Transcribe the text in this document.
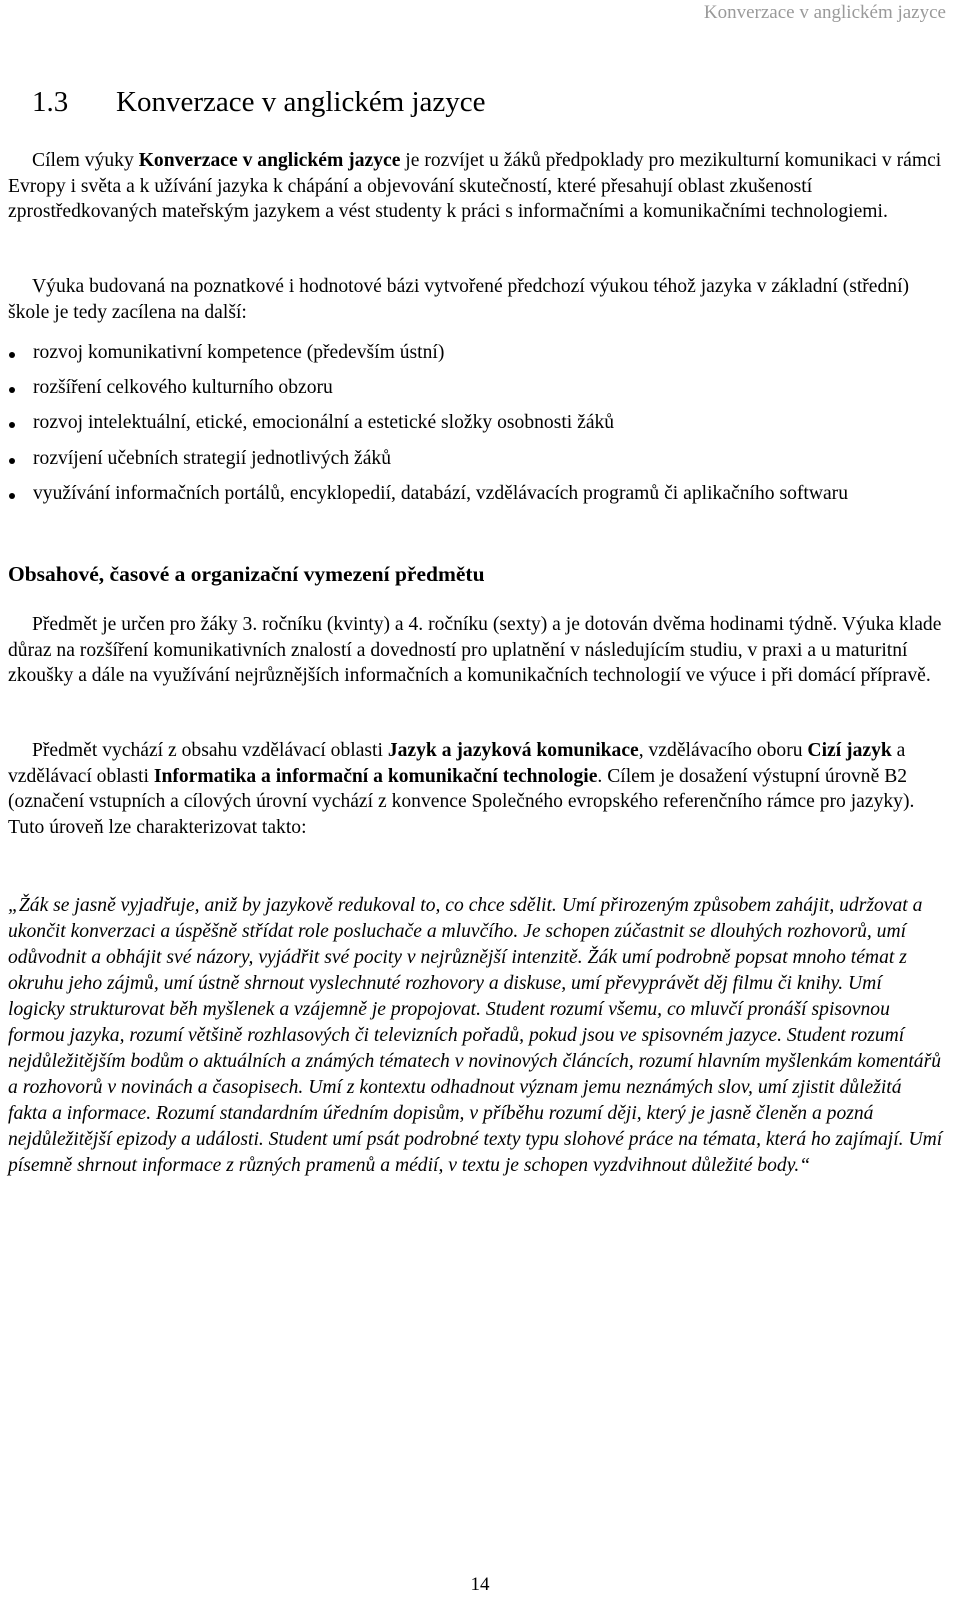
Konverzace v anglickém jazyce
1.3 Konverzace v anglickém jazyce

Cílem výuky Konverzace v anglickém jazyce je rozvíjet u žáků předpoklady pro mezikulturní komunikaci v rámci Evropy i světa a k užívání jazyka k chápání a objevování skutečností, které přesahují oblast zkušeností zprostředkovaných mateřským jazykem a vést studenty k práci s informačními a komunikačními technologiemi.

Výuka budovaná na poznatkové i hodnotové bázi vytvořené předchozí výukou téhož jazyka v základní (střední) škole je tedy zacílena na další:

rozvoj komunikativní kompetence (především ústní)
rozšíření celkového kulturního obzoru
rozvoj intelektuální, etické, emocionální a estetické složky osobnosti žáků
rozvíjení učebních strategií jednotlivých žáků
využívání informačních portálů, encyklopedií, databází, vzdělávacích programů či aplikačního softwaru
Obsahové, časové a organizační vymezení předmětu

Předmět je určen pro žáky 3. ročníku (kvinty) a 4. ročníku (sexty) a je dotován dvěma hodinami týdně. Výuka klade důraz na rozšíření komunikativních znalostí a dovedností pro uplatnění v následujícím studiu, v praxi a u maturitní zkoušky a dále na využívání nejrůznějších informačních a komunikačních technologií ve výuce i při domácí přípravě.

Předmět vychází z obsahu vzdělávací oblasti Jazyk a jazyková komunikace, vzdělávacího oboru Cizí jazyk a vzdělávací oblasti Informatika a informační a komunikační technologie. Cílem je dosažení výstupní úrovně B2 (označení vstupních a cílových úrovní vychází z konvence Společného evropského referenčního rámce pro jazyky). Tuto úroveň lze charakterizovat takto:

„Žák se jasně vyjadřuje, aniž by jazykově redukoval to, co chce sdělit. Umí přirozeným způsobem zahájit, udržovat a ukončit konverzaci a úspěšně střídat role posluchače a mluvčího. Je schopen zúčastnit se dlouhých rozhovorů, umí odůvodnit a obhájit své názory, vyjádřit své pocity v nejrůznější intenzitě. Žák umí podrobně popsat mnoho témat z okruhu jeho zájmů, umí ústně shrnout vyslechnuté rozhovory a diskuse, umí převyprávět děj filmu či knihy. Umí logicky strukturovat běh myšlenek a vzájemně je propojovat. Student rozumí všemu, co mluvčí pronáší spisovnou formou jazyka, rozumí většině rozhlasových či televizních pořadů, pokud jsou ve spisovném jazyce. Student rozumí nejdůležitějším bodům o aktuálních a známých tématech v novinových článcích, rozumí hlavním myšlenkám komentářů a rozhovorů v novinách a časopisech. Umí z kontextu odhadnout význam jemu neznámých slov, umí zjistit důležitá fakta a informace. Rozumí standardním úředním dopisům, v příběhu rozumí ději, který je jasně členěn a pozná nejdůležitější epizody a události. Student umí psát podrobné texty typu slohové práce na témata, která ho zajímají. Umí písemně shrnout informace z různých pramenů a médií, v textu je schopen vyzdvihnout důležité body.“

14
